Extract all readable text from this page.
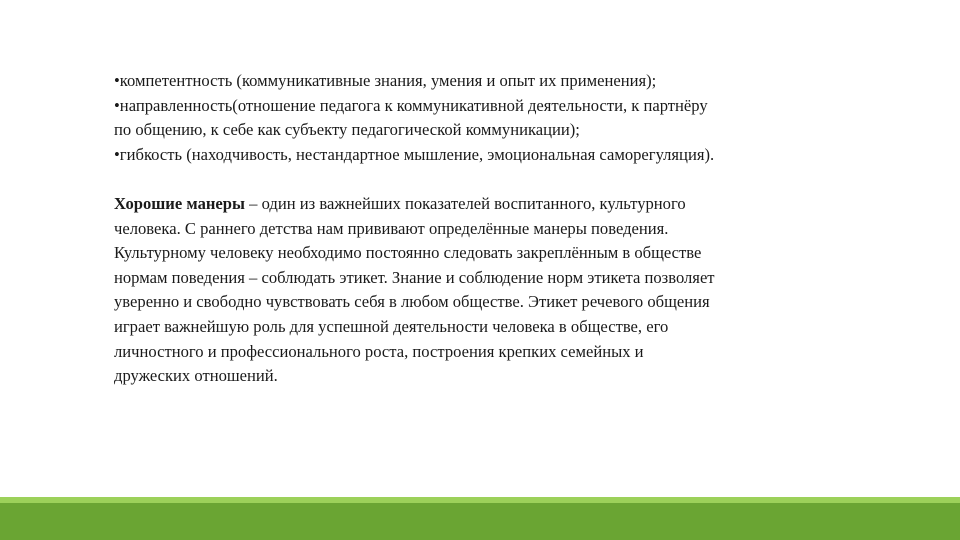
•компетентность (коммуникативные знания, умения и опыт их применения);
•направленность(отношение педагога к коммуникативной деятельности, к партнёру
по общению, к себе как субъекту педагогической коммуникации);
•гибкость (находчивость, нестандартное мышление, эмоциональная саморегуляция).
Хорошие манеры – один из важнейших показателей воспитанного, культурного
человека. С раннего детства нам прививают определённые манеры поведения.
Культурному человеку необходимо постоянно следовать закреплённым в обществе
нормам поведения – соблюдать этикет. Знание и соблюдение норм этикета позволяет
уверенно и свободно чувствовать себя в любом обществе. Этикет речевого общения
играет важнейшую роль для успешной деятельности человека в обществе, его
личностного и профессионального роста, построения крепких семейных и
дружеских отношений.
